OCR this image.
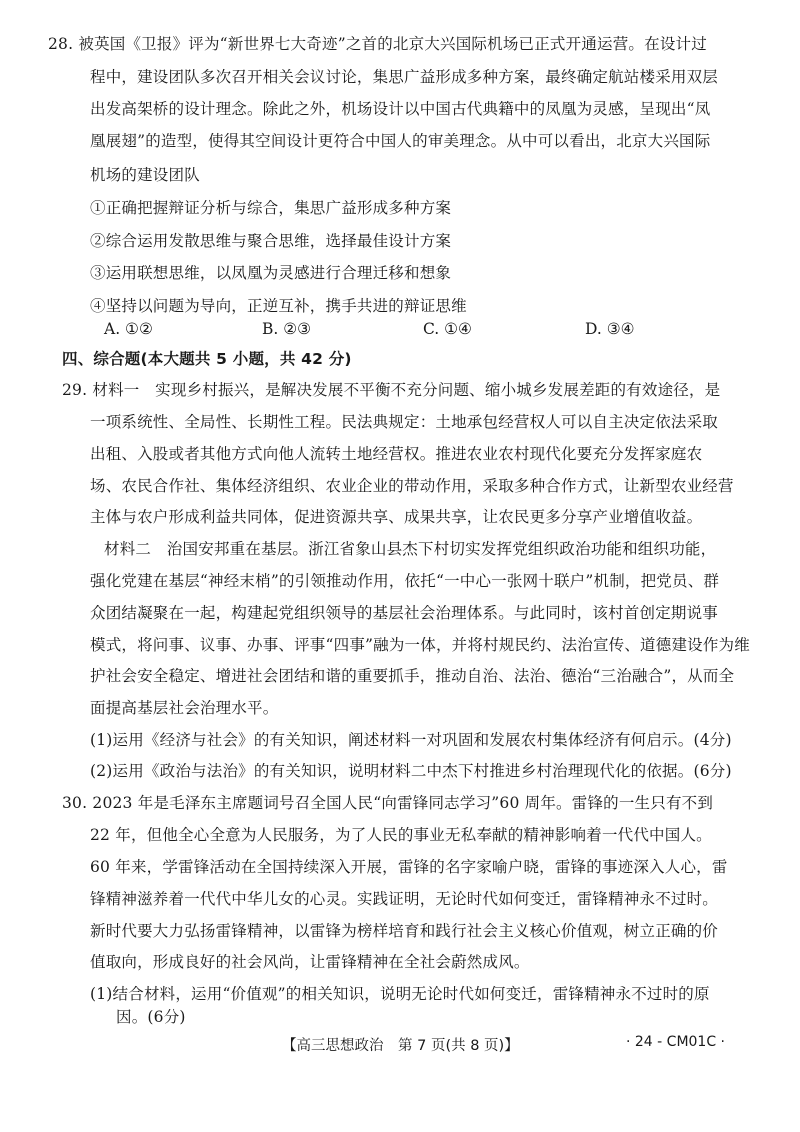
28. 被英国《卫报》评为“新世界七大奇迹”之首的北京大兴国际机场已正式开通运营。在设计过
程中，建设团队多次召开相关会议讨论，集思广益形成多种方案，最终确定航站楼采用双层
出发高架桥的设计理念。除此之外，机场设计以中国古代典籍中的凤凰为灵感，呈现出“凤
凰展翅”的造型，使得其空间设计更符合中国人的审美理念。从中可以看出，北京大兴国际
机场的建设团队
①正确把握辩证分析与综合，集思广益形成多种方案
②综合运用发散思维与聚合思维，选择最佳设计方案
③运用联想思维，以凤凰为灵感进行合理迁移和想象
④坚持以问题为导向，正逆互补，携手共进的辩证思维
A. ①②	B. ②③	C. ①④	D. ③④
四、综合题(本大题共 5 小题，共 42 分)
29. 材料一　实现乡村振兴，是解决发展不平衡不充分问题、缩小城乡发展差距的有效途径，是
一项系统性、全局性、长期性工程。民法典规定：土地承包经营权人可以自主决定依法采取
出租、入股或者其他方式向他人流转土地经营权。推进农业农村现代化要充分发挥家庭农
场、农民合作社、集体经济组织、农业企业的带动作用，采取多种合作方式，让新型农业经营
主体与农户形成利益共同体，促进资源共享、成果共享，让农民更多分享产业增值收益。
材料二　治国安邦重在基层。浙江省象山县杰下村切实发挥党组织政治功能和组织功能，
强化党建在基层“神经末梢”的引领推动作用，依托“一中心一张网十联户”机制，把党员、群
众团结凝聚在一起，构建起党组织领导的基层社会治理体系。与此同时，该村首创定期说事
模式，将问事、议事、办事、评事“四事”融为一体，并将村规民约、法治宣传、道德建设作为维
护社会安全稳定、增进社会团结和谐的重要抓手，推动自治、法治、德治“三治融合”，从而全
面提高基层社会治理水平。
(1)运用《经济与社会》的有关知识，阐述材料一对巩固和发展农村集体经济有何启示。(4分)
(2)运用《政治与法治》的有关知识，说明材料二中杰下村推进乡村治理现代化的依据。(6分)
30. 2023 年是毛泽东主席题词号召全国人民“向雷锋同志学习”60 周年。雷锋的一生只有不到
22 年，但他全心全意为人民服务，为了人民的事业无私奉献的精神影响着一代代中国人。
60 年来，学雷锋活动在全国持续深入开展，雷锋的名字家喻户晓，雷锋的事迹深入人心，雷
锋精神滋养着一代代中华儿女的心灵。实践证明，无论时代如何变迁，雷锋精神永不过时。
新时代要大力弘扬雷锋精神，以雷锋为榜样培育和践行社会主义核心价值观，树立正确的价
值取向，形成良好的社会风尚，让雷锋精神在全社会蔚然成风。
(1)结合材料，运用“价值观”的相关知识，说明无论时代如何变迁，雷锋精神永不过时的原
因。(6分)
【高三思想政治　第 7 页(共 8 页)】	· 24 - CM01C ·
